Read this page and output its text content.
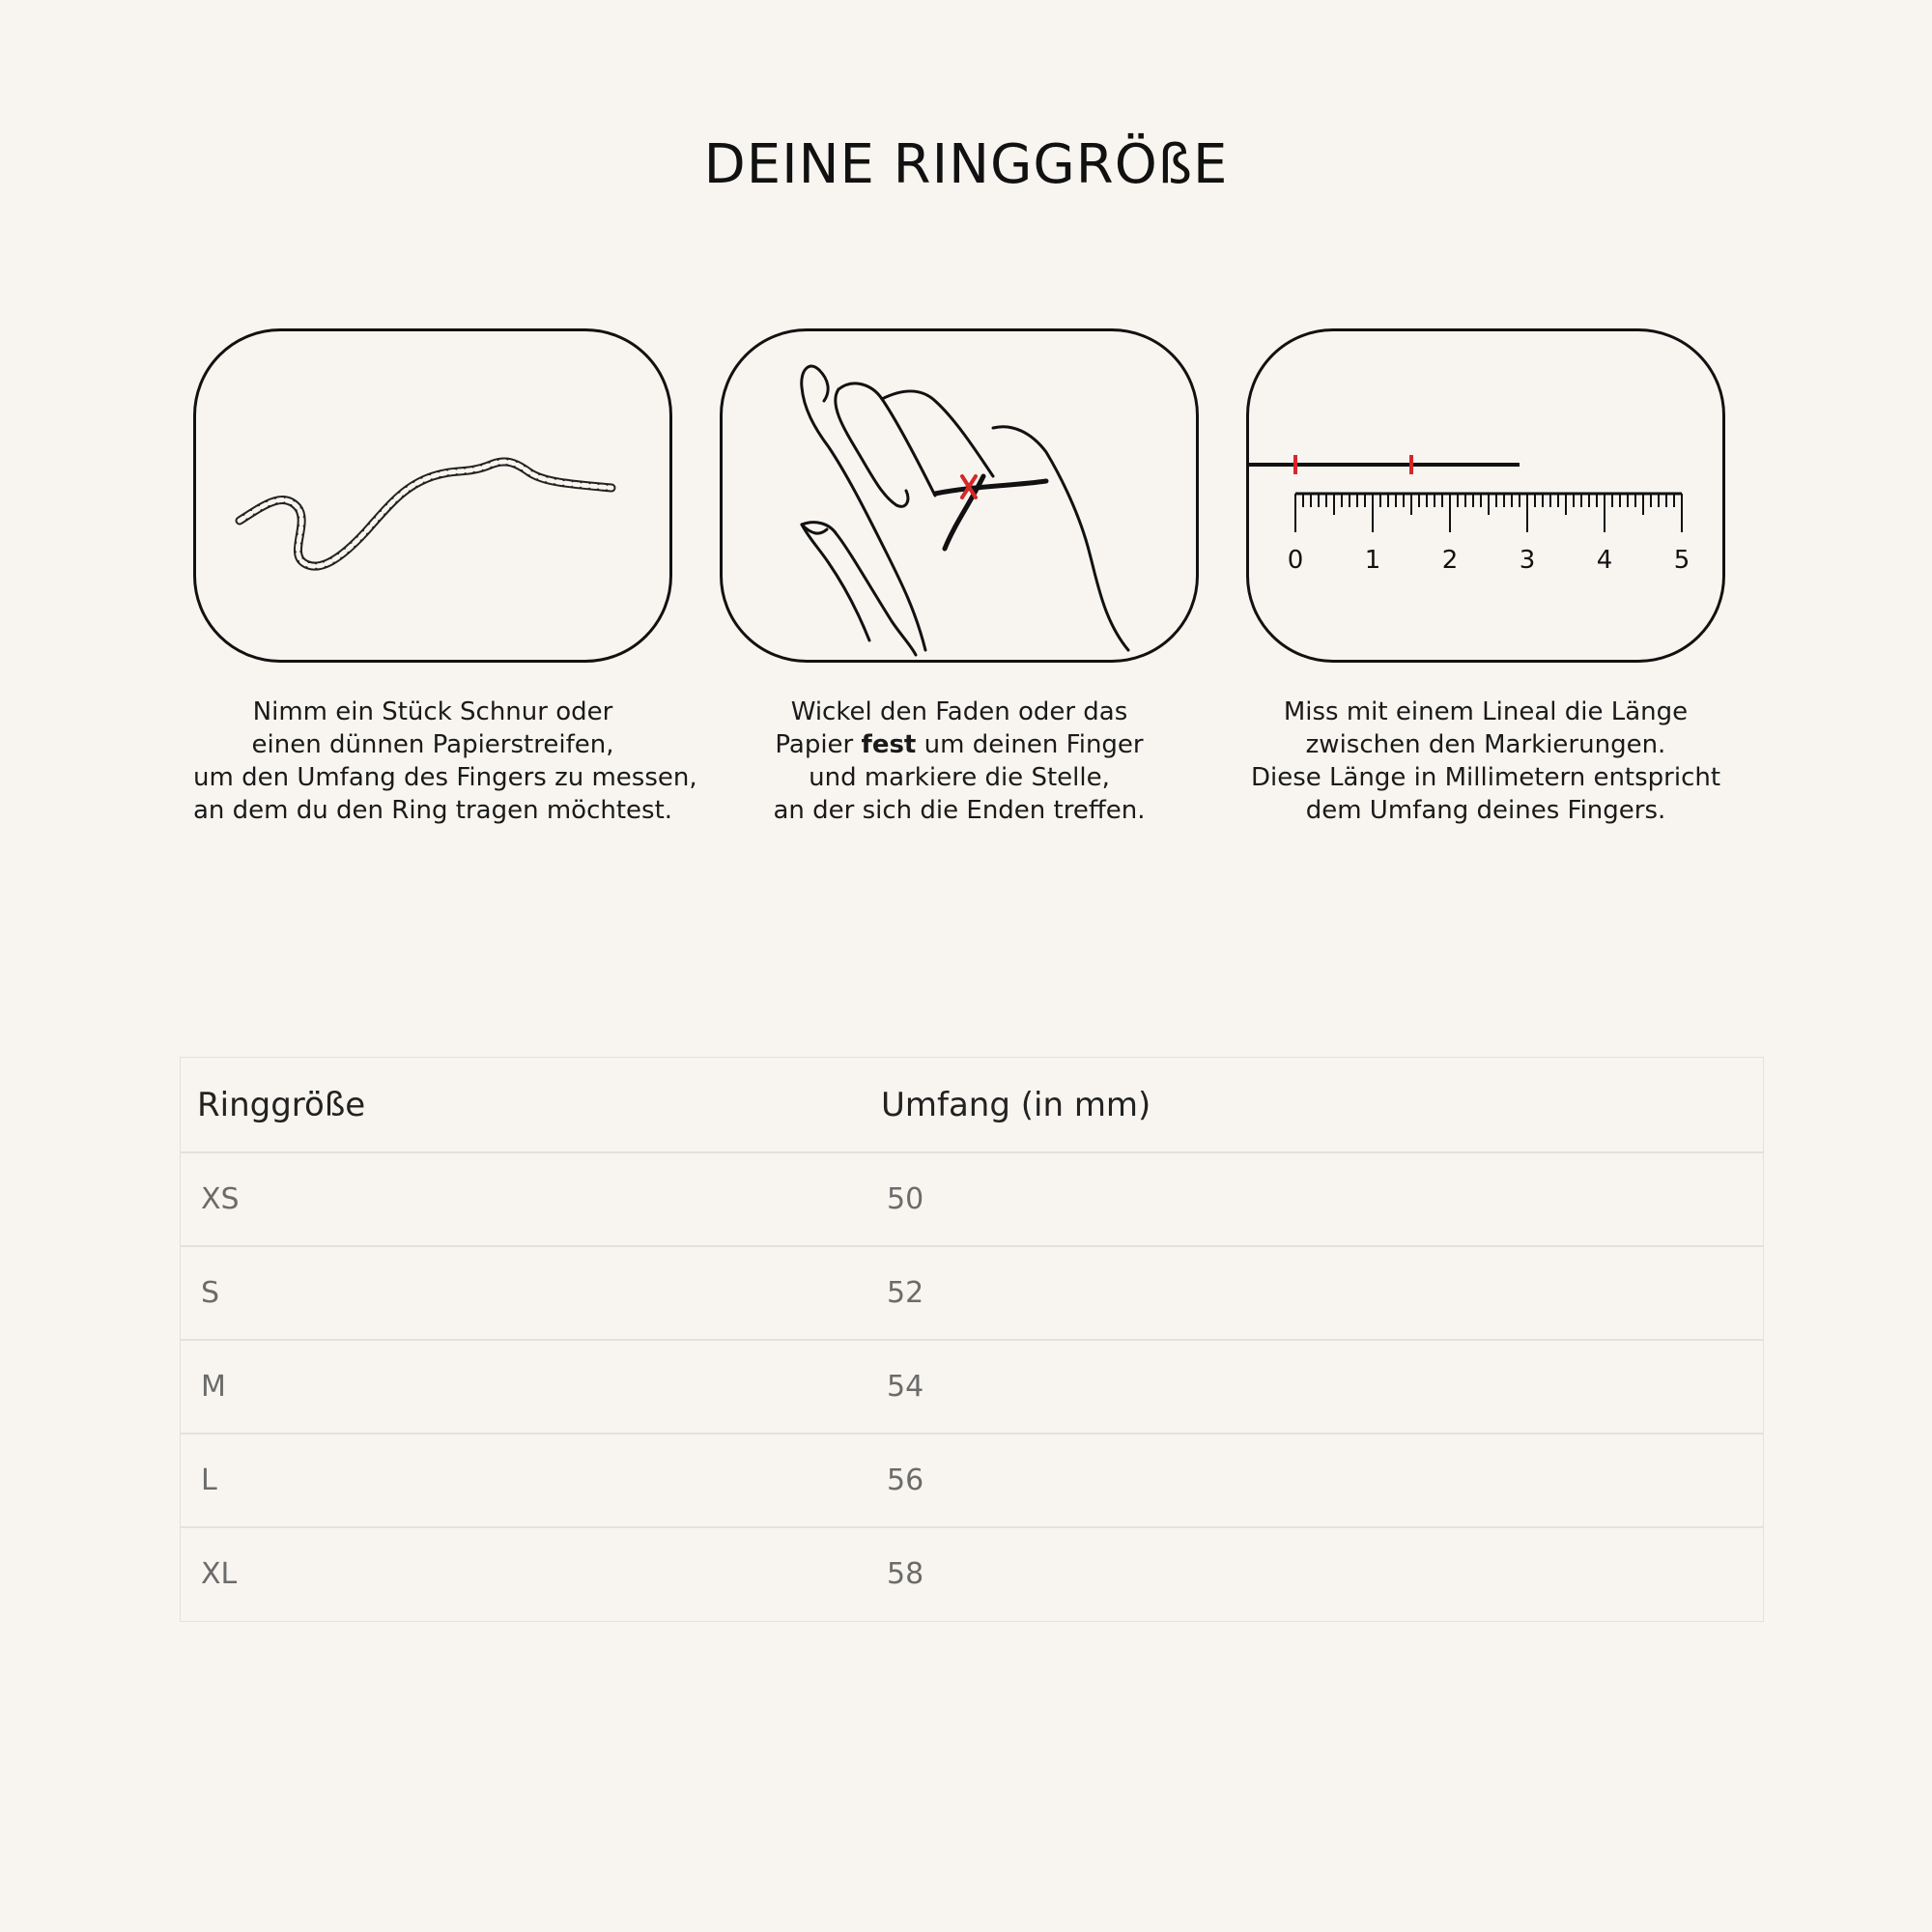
DEINE RINGGRÖßE
Nimm ein Stück Schnur oder
einen dünnen Papierstreifen,
um den Umfang des Fingers zu messen,
an dem du den Ring tragen möchtest.
Wickel den Faden oder das
Papier fest um deinen Finger
und markiere die Stelle,
an der sich die Enden treffen.
0 1 2 3 4 5
Miss mit einem Lineal die Länge
zwischen den Markierungen.
Diese Länge in Millimetern entspricht
dem Umfang deines Fingers.
Ringgröße	Umfang (in mm)
XS	50
S	52
M	54
L	56
XL	58
